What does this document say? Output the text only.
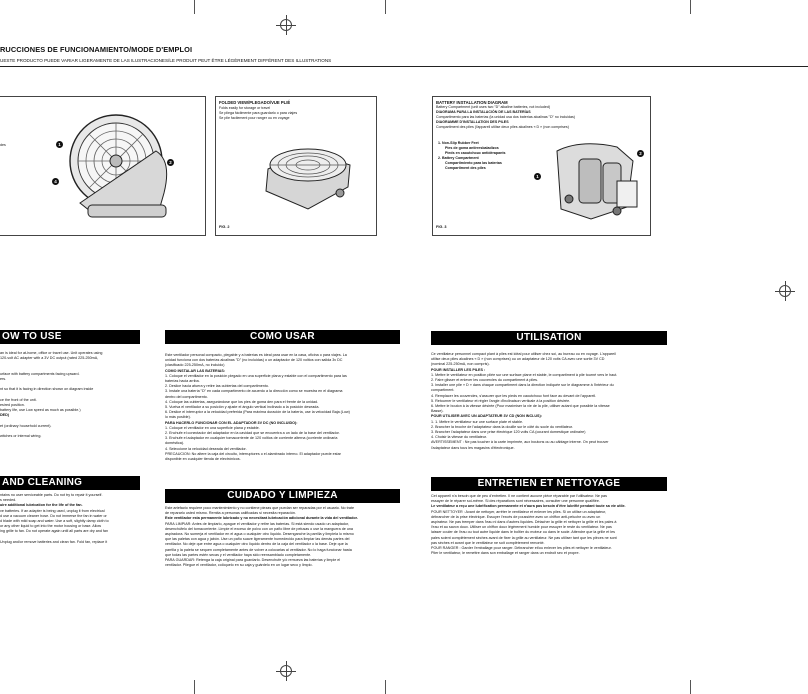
RUCCIONES DE FUNCIONAMIENTO/MODE D'EMPLOI
UESTE PRODUCTO PUEDE VARIAR LIGERAMENTE DE LAS ILUSTRACIONES/LE PRODUIT PEUT ÊTRE LÉGÈREMENT DIFFÉRENT DES ILLUSTRATIONS
des	1
2
4
FOLDED VIEW/PLEGADO/VUE PLIÉ
Folds easily for storage or travel
Se pliega fácilmente para guardarlo o para viajes
Se plie facilement pour ranger ou en voyage
FIG. 2
BATTERY INSTALLATION DIAGRAM
Battery Compartment (unit uses two "D" alkaline batteries, not included)
DIAGRAMA PARA LA INSTALACIÓN DE LAS BATERÍAS
Compartimento para las baterías (la unidad usa dos baterías alcalinas "D" no incluidas)
DIAGRAMME D'INSTALLATION DES PILES
Compartiment des piles (l'appareil utilise deux piles alcalines « D » (non comprises)
1. Non-Slip Rubber Feet
Pies de goma antirresbaladizos
Pieds en caoutchouc antidérapants
2. Battery Compartment
Compartimiento para las baterías
Compartiment des piles
2
1
FIG. 3
OW TO USE

an is ideal for at-home, office or travel use. Unit operates using

120-volt AC adapter with a 3V DC output (rated 225-250mA,

urface with battery compartments facing upward.

ers.

nt so that it is facing in direction shown on diagram inside

ce the front of the unit.

esired position.

battery life, use Low speed as much as possible.)

DED)

et (ordinary household current).

witches or internal wiring.

AND CLEANING

ntains no user serviceable parts. Do not try to repair it yourself.

s needed.

uire additional lubrication for the life of the fan.

ve batteries. If an adapter is being used, unplug it from electrical

d use a vacuum cleaner hose. Do not immerse the fan in water or

d blade with mild soap and water. Use a soft, slightly damp cloth to

or any other liquid to get into the motor housing or base. Allow

ing grille to fan. Do not operate again until all parts are dry and fan

Unplug and/or remove batteries and clean fan. Fold fan, replace it

COMO USAR

Este ventilador personal compacto, plegable y a baterías es ideal para usar en la casa, oficina o para viajes. La

unidad funciona con dos baterías alcalinas "D" (no incluidas) o un adaptador de 120 voltios con salida 3v DC

(clasificado 225-250mA, no incluido)

COMO INSTALAR LAS BATERIAS:

1. Coloque el ventilador en la posición plegado en una superficie plana y estable con el compartimento para las

baterías hacia arriba.

2. Deslice hacia afuera y retire las cubiertas del compartimento.

3. Instale una batería "D" en cada compartimento de acuerdo a la dirección como se muestra en el diagrama

dentro del compartimento.

4. Coloque las cubiertas, asegurándose que los pies de goma den para el frente de la unidad.

5. Vuelva el ventilador a su posición y ajuste el ángulo vertical inclinado a la posición deseada.

6. Deslice el interruptor a la velocidad preferida (Para máxima duración de la batería, use la velocidad Baja (Low)

lo más posible).

PARA HACERLO FUNCIONAR CON EL ADAPTADOR 3V DC (NO INCLUIDO):

1. Coloque el ventilador en una superficie plana y estable.

2. Enchufe el conectador del adaptador en la cavidad que se encuentra a un lado de la base del ventilador.

3. Enchufe el adaptador en cualquier tomacorriente de 120 voltios de corriente alterna (corriente ordinaria

doméstica).

4. Seleccione la velocidad deseada del ventilador.

PRECAUCION: No altere la caja del circuito, interruptores o el alambrado interno. El adaptador puede estar

disponible en cualquier tienda de electrónicos.

CUIDADO Y LIMPIEZA

Este artefacto requiere poco mantenimiento y no contiene piezas que puedan ser reparadas por el usuario. No trate

de repararlo usted mismo. Remita a personas calificadas si necesita reparación.

Este ventilador esta permanente lubricado y no necesitará lubricación adicional durante la vida del ventilador.

PARA LIMPIAR: Antes de limpiarlo, apague el ventilador y retire las baterías. Si está siendo usado un adaptador,

desenchúfelo del tomacorriente. Limpie el exceso de polvo con un paño libre de pelusas o use la manguera de una

aspiradora. No sumerja el ventilador en el agua o cualquier otro líquido. Desenganche la parrilla y limpiela lo mismo

que las paletas con agua y jabón. Use un paño suave ligeramente humedecido para limpiar las demás partes del

ventilador. No deje que entre agua o cualquier otro líquido dentro de la caja del ventilador o la base. Deje que la

parrilla y la paleta se sequen completamente antes de volver a colocarlas al ventilador. No lo haga funcionar hasta

que todas las partes estén secas y el ventilador haya sido reensamblado completamente.

PARA GUARDAR: Retenga la caja original para guardarlo. Desenchufe y/o remueva las baterías y limpie el

ventilador. Pliegue el ventilador, colóquelo en su caja y guárdelo en un lugar seco y limpio.

UTILISATION

Ce ventilateur personnel compact plant à piles est idéal pour utiliser chez soi, au bureau ou en voyage. L'appareil

utilise deux piles alcalines « D » (non comprises) ou un adaptateur de 120 volts CA avec une sortie 3V CD

(nominal 225-250mA, non compris).

POUR INSTALLER LES PILES :

1. Mettre le ventilateur en position pliée sur une surface plane et stable, le compartiment à pile tourné vers le haut.

2. Faire glisser et enlever les couvercles du compartiment à piles.

3. Installer une pile « D » dans chaque compartiment dans la direction indiquée sur le diagramme à l'intérieur du

compartiment.

4. Remplacer les couvercles, s'assurer que les pieds en caoutchouc font face au devant de l'appareil.

5. Retourner le ventilateur et régler l'angle d'inclinaison verticale à la position désirée.

6. Mettre le bouton à la vitesse désirée (Pour maximiser la vie de la pile, utiliser autant que possible la vitesse

Basse).

POUR UTILISER AVEC UN ADAPTATEUR 3V CD (NON INCLUS):

1. 1. Mettre le ventilateur sur une surface plate et stable.

2. Brancher la broche de l'adaptateur dans la douille sur le côté du socle du ventilateur.

3. Brancher l'adaptateur dans une prise électrique 120 volts CA (courant domestique ordinaire)

4. Choisir la vitesse du ventilateur.

AVERTISSEMENT : Ne pas toucher à la carte imprimée, aux boutons ou au câblage interne. On peut trouver

l'adaptateur dans tous les magasins d'électronique.

ENTRETIEN ET NETTOYAGE

Cet appareil n'a besoin que de peu d'entretien. Il ne contient aucune pièce réparable par l'utilisateur. Ne pas

essayer de le réparer soi-même. Si des réparations sont nécessaires, consulter une personne qualifiée.

Le ventilateur a reçu une lubrification permanente et n'aura pas besoin d'être lubrifié pendant toute sa vie utile.

POUR NETTOYER : Avant de nettoyer, arrêter le ventilateur et enlever les piles. Si on utilise un adaptateur,

débrancher de la prise électrique. Essuyer l'excès de poussière avec un chiffon anti-peluche ou avec un

aspirateur. Ne pas tremper dans l'eau ni dans d'autres liquides. Détacher la grille et nettoyer la grille et les pales à

l'eau et au savon doux. Utiliser un chiffon doux légèrement humide pour essuyer le reste du ventilateur. Ne pas

laisser couler de l'eau ou tout autre liquide dans le boîtier du moteur ou dans le socle. Attendre que la grille et les

pales soient complètement sèches avant de fixer la grille au ventilateur. Ne pas utiliser tant que les pièces ne sont

pas sèches et avant que le ventilateur ne soit complètement remonté.

POUR RANGER : Garder l'emballage pour ranger. Débrancher et/ou enlever les piles et nettoyer le ventilateur.

Plier le ventilateur, le remettre dans son emballage et ranger dans un endroit sec et propre.
